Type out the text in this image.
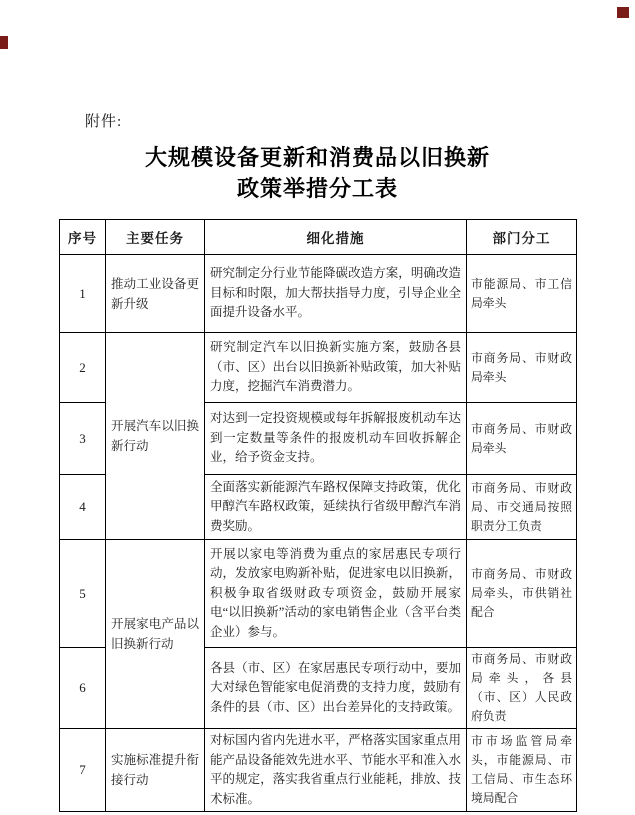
附件:
大规模设备更新和消费品以旧换新
政策举措分工表
序号	主要任务	细化措施	部门分工
1	推动工业设备更新升级	研究制定分行业节能降碳改造方案，明确改造目标和时限，加大帮扶指导力度，引导企业全面提升设备水平。	市能源局、市工信局牵头
2	开展汽车以旧换新行动	研究制定汽车以旧换新实施方案，鼓励各县（市、区）出台以旧换新补贴政策，加大补贴力度，挖掘汽车消费潜力。	市商务局、市财政局牵头
3		对达到一定投资规模或每年拆解报废机动车达到一定数量等条件的报废机动车回收拆解企业，给予资金支持。	市商务局、市财政局牵头
4		全面落实新能源汽车路权保障支持政策，优化甲醇汽车路权政策，延续执行省级甲醇汽车消费奖励。	市商务局、市财政局、市交通局按照职责分工负责
5	开展家电产品以旧换新行动	开展以家电等消费为重点的家居惠民专项行动，发放家电购新补贴，促进家电以旧换新，积极争取省级财政专项资金，鼓励开展家电“以旧换新”活动的家电销售企业（含平台类企业）参与。	市商务局、市财政局牵头，市供销社配合
6		各县（市、区）在家居惠民专项行动中，要加大对绿色智能家电促消费的支持力度，鼓励有条件的县（市、区）出台差异化的支持政策。	市商务局、市财政局牵头，各县（市、区）人民政府负责
7	实施标准提升衔接行动	对标国内省内先进水平，严格落实国家重点用能产品设备能效先进水平、节能水平和准入水平的规定，落实我省重点行业能耗，排放、技术标准。	市市场监管局牵头，市能源局、市工信局、市生态环境局配合
